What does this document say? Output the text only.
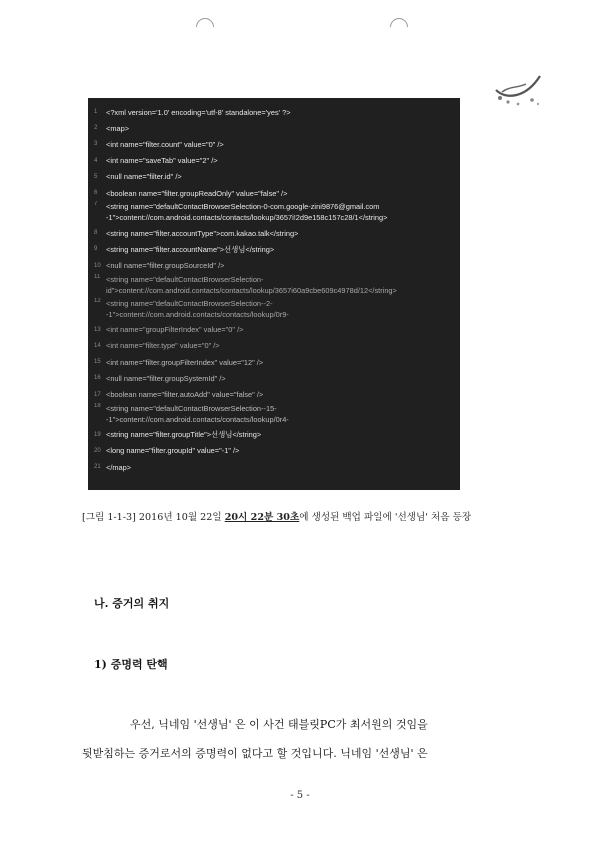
1	<?xml version='1.0' encoding='utf-8' standalone='yes' ?>
2	<map>
3	<int name="filter.count" value="0" />
4	<int name="saveTab" value="2" />
5	<null name="filter.id" />
6	<boolean name="filter.groupReadOnly" value="false" />
7	<string name="defaultContactBrowserSelection-0-com.google-zini9876@gmail.com -1">content://com.android.contacts/contacts/lookup/3657i!2d9e158c157c28/1</string>
8	<string name="filter.accountType">com.kakao.talk</string>
9	<string name="filter.accountName">선생님</string>
10 <null name="filter.groupSourceId" />
11 <string name="defaultContactBrowserSelection-id">content://com.android.contacts/contacts/lookup/3657i60a9cbe609c4978d/12</string>
12 <string name="defaultContactBrowserSelection--2--1">content://com.android.contacts/contacts/lookup/0r9-
13 <int name="groupFilterIndex" value="0" />
14 <int name="filter.type" value="0" />
15 <int name="filter.groupFilterIndex" value="12" />
16 <null name="filter.groupSystemId" />
17 <boolean name="filter.autoAdd" value="false" />
18 <string name="defaultContactBrowserSelection--15--1">content://com.android.contacts/contacts/lookup/0r4-
19 <string name="filter.groupTitle">선생님</string>
20 <long name="filter.groupId" value="-1" />
21 </map>
[그림 1-1-3] 2016년 10월 22일 20시 22분 30초에 생성된 백업 파일에 '선생님' 처음 등장
나. 증거의 취지
1) 증명력 탄핵
우선, 닉네임 '선생님' 은 이 사건 태블릿PC가 최서원의 것임을
뒷받침하는 증거로서의 증명력이 없다고 할 것입니다. 닉네임 '선생님' 은
- 5 -
